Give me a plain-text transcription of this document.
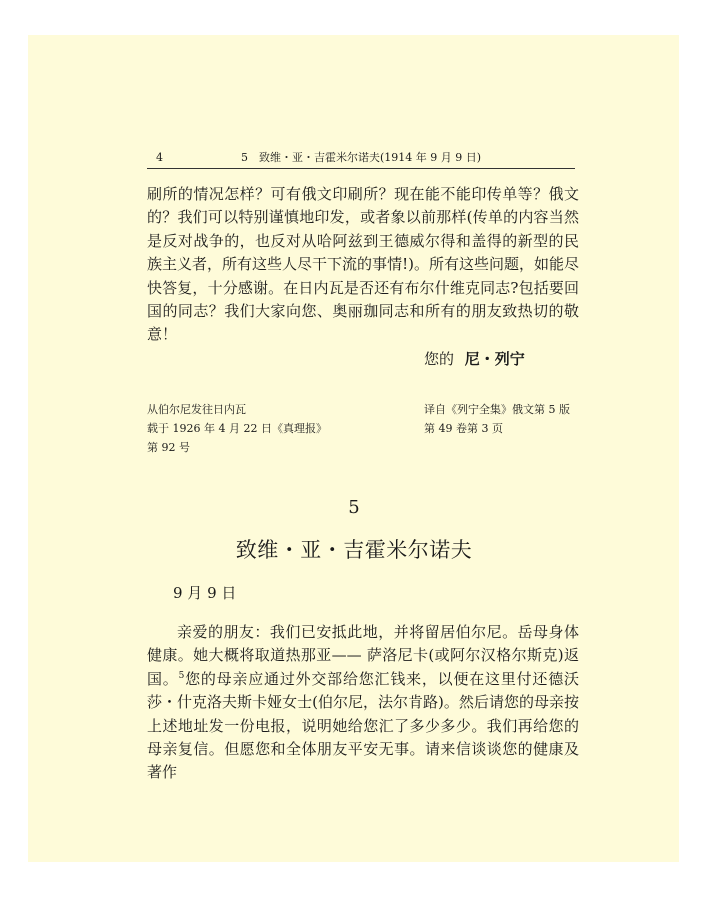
4	5　致维・亚・吉霍米尔诺夫(1914 年 9 月 9 日)

刷所的情况怎样？可有俄文印刷所？现在能不能印传单等？俄文的？我们可以特别谨慎地印发，或者象以前那样(传单的内容当然是反对战争的，也反对从哈阿兹到王德威尔得和盖得的新型的民族主义者，所有这些人尽干下流的事情!)。所有这些问题，如能尽快答复，十分感谢。在日内瓦是否还有布尔什维克同志?包括要回国的同志？我们大家向您、奥丽珈同志和所有的朋友致热切的敬意！

您的 尼・列宁
从伯尔尼发往日内瓦
载于 1926 年 4 月 22 日《真理报》
第 92 号
译自《列宁全集》俄文第 5 版
第 49 卷第 3 页
5
致维・亚・吉霍米尔诺夫
9 月 9 日

亲爱的朋友：我们已安抵此地，并将留居伯尔尼。岳母身体健康。她大概将取道热那亚—— 萨洛尼卡(或阿尔汉格尔斯克)返国。$^5$您的母亲应通过外交部给您汇钱来，以便在这里付还德沃莎・什克洛夫斯卡娅女士(伯尔尼，法尔肯路)。然后请您的母亲按上述地址发一份电报，说明她给您汇了多少多少。我们再给您的母亲复信。但愿您和全体朋友平安无事。请来信谈谈您的健康及著作
